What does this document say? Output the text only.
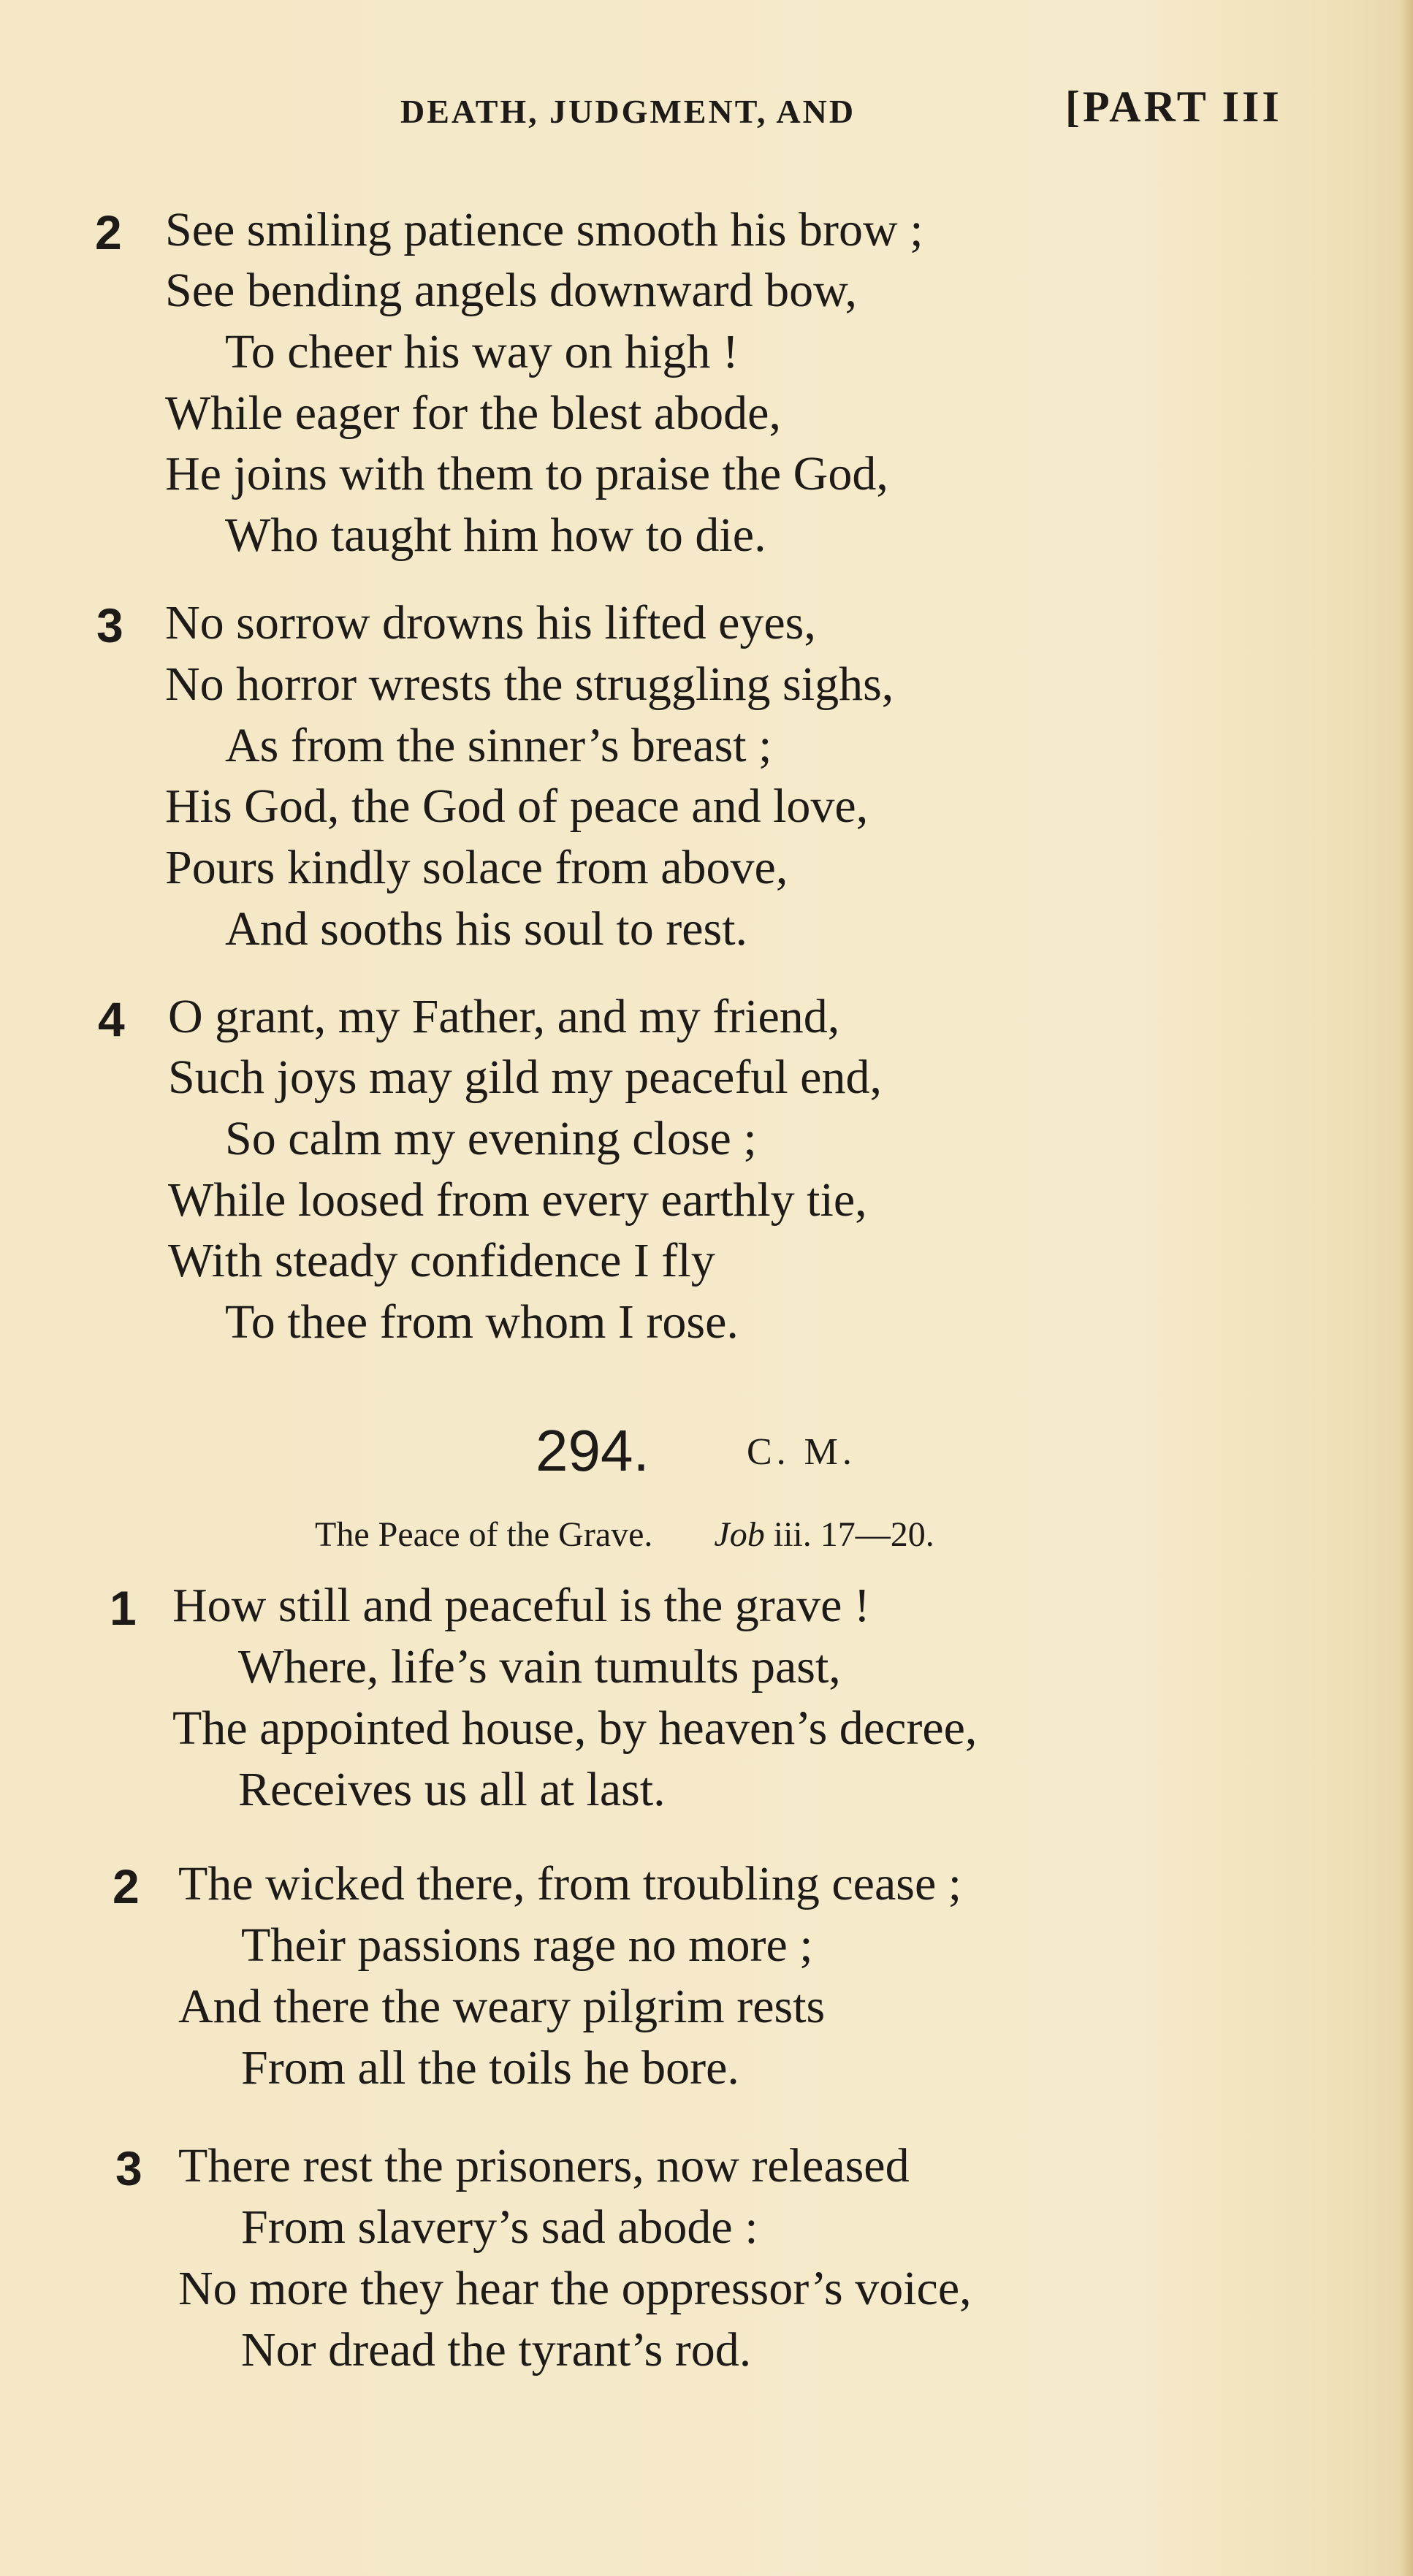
DEATH, JUDGMENT, AND	[PART III
2 See smiling patience smooth his brow ;
See bending angels downward bow,
To cheer his way on high !
While eager for the blest abode,
He joins with them to praise the God,
Who taught him how to die.
3 No sorrow drowns his lifted eyes,
No horror wrests the struggling sighs,
As from the sinner’s breast ;
His God, the God of peace and love,
Pours kindly solace from above,
And sooths his soul to rest.
4 O grant, my Father, and my friend,
Such joys may gild my peaceful end,
So calm my evening close ;
While loosed from every earthly tie,
With steady confidence I fly
To thee from whom I rose.
294.	C. M.
The Peace of the Grave. Job iii. 17—20.
1 How still and peaceful is the grave !
Where, life’s vain tumults past,
The appointed house, by heaven’s decree,
Receives us all at last.
2 The wicked there, from troubling cease ;
Their passions rage no more ;
And there the weary pilgrim rests
From all the toils he bore.
3 There rest the prisoners, now released
From slavery’s sad abode :
No more they hear the oppressor’s voice,
Nor dread the tyrant’s rod.
